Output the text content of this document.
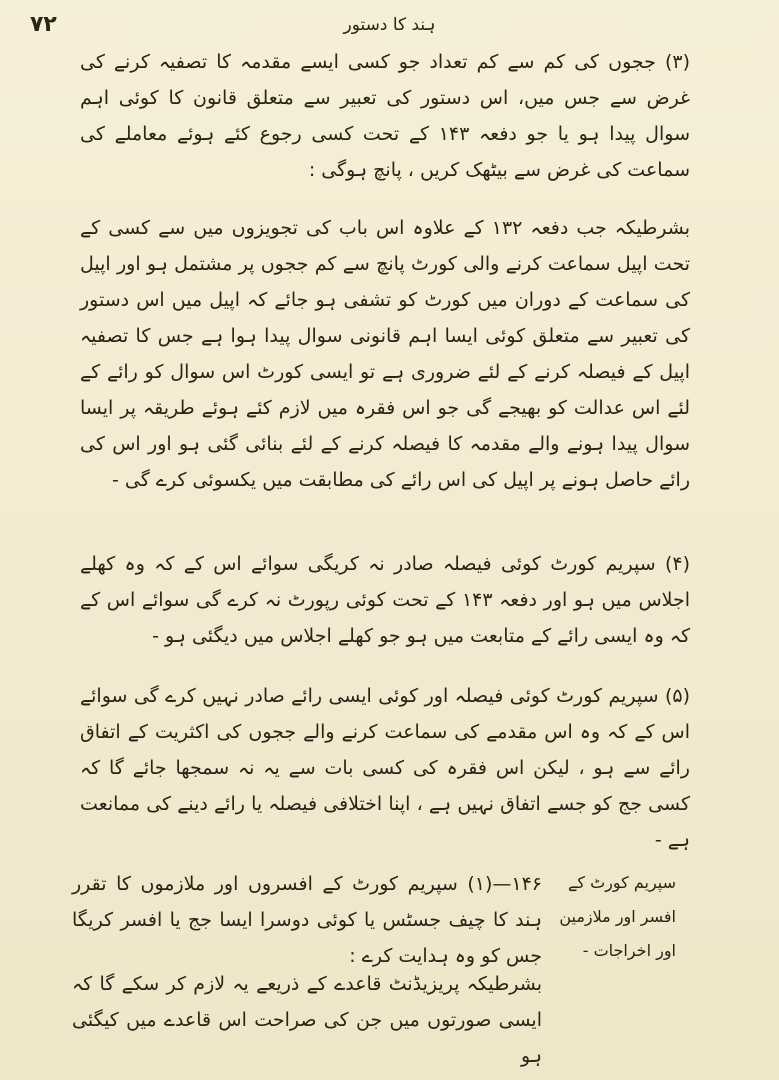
۷۲	ہند کا دستور

(۳) ججوں کی کم سے کم تعداد جو کسی ایسے مقدمہ کا تصفیہ کرنے کی غرض سے جس میں، اس دستور کی تعبیر سے متعلق قانون کا کوئی اہم سوال پیدا ہو یا جو دفعہ ۱۴۳ کے تحت کسی رجوع کئے ہوئے معاملے کی سماعت کی غرض سے بیٹھک کریں ، پانچ ہوگی :

بشرطیکہ جب دفعہ ۱۳۲ کے علاوہ اس باب کی تجویزوں میں سے کسی کے تحت اپیل سماعت کرنے والی کورٹ پانچ سے کم ججوں پر مشتمل ہو اور اپیل کی سماعت کے دوران میں کورٹ کو تشفی ہو جائے کہ اپیل میں اس دستور کی تعبیر سے متعلق کوئی ایسا اہم قانونی سوال پیدا ہوا ہے جس کا تصفیہ اپیل کے فیصلہ کرنے کے لئے ضروری ہے تو ایسی کورٹ اس سوال کو رائے کے لئے اس عدالت کو بھیجے گی جو اس فقرہ میں لازم کئے ہوئے طریقہ پر ایسا سوال پیدا ہونے والے مقدمہ کا فیصلہ کرنے کے لئے بنائی گئی ہو اور اس کی رائے حاصل ہونے پر اپیل کی اس رائے کی مطابقت میں یکسوئی کرے گی -

(۴) سپریم کورٹ کوئی فیصلہ صادر نہ کریگی سوائے اس کے کہ وہ کھلے اجلاس میں ہو اور دفعہ ۱۴۳ کے تحت کوئی رپورٹ نہ کرے گی سوائے اس کے کہ وہ ایسی رائے کے متابعت میں ہو جو کھلے اجلاس میں دیگئی ہو -

(۵) سپریم کورٹ کوئی فیصلہ اور کوئی ایسی رائے صادر نہیں کرے گی سوائے اس کے کہ وہ اس مقدمے کی سماعت کرنے والے ججوں کی اکثریت کے اتفاق رائے سے ہو ، لیکن اس فقرہ کی کسی بات سے یہ نہ سمجھا جائے گا کہ کسی جج کو جسے اتفاق نہیں ہے ، اپنا اختلافی فیصلہ یا رائے دینے کی ممانعت ہے -

۱۴۶—(۱) سپریم کورٹ کے افسروں اور ملازموں کا تقرر ہند کا چیف جسٹس یا کوئی دوسرا ایسا جج یا افسر کریگا جس کو وہ ہدایت کرے :

سپریم کورٹ کے افسر اور ملازمین اور اخراجات -

بشرطیکہ پریزیڈنٹ قاعدے کے ذریعے یہ لازم کر سکے گا کہ ایسی صورتوں میں جن کی صراحت اس قاعدے میں کیگئی ہو
